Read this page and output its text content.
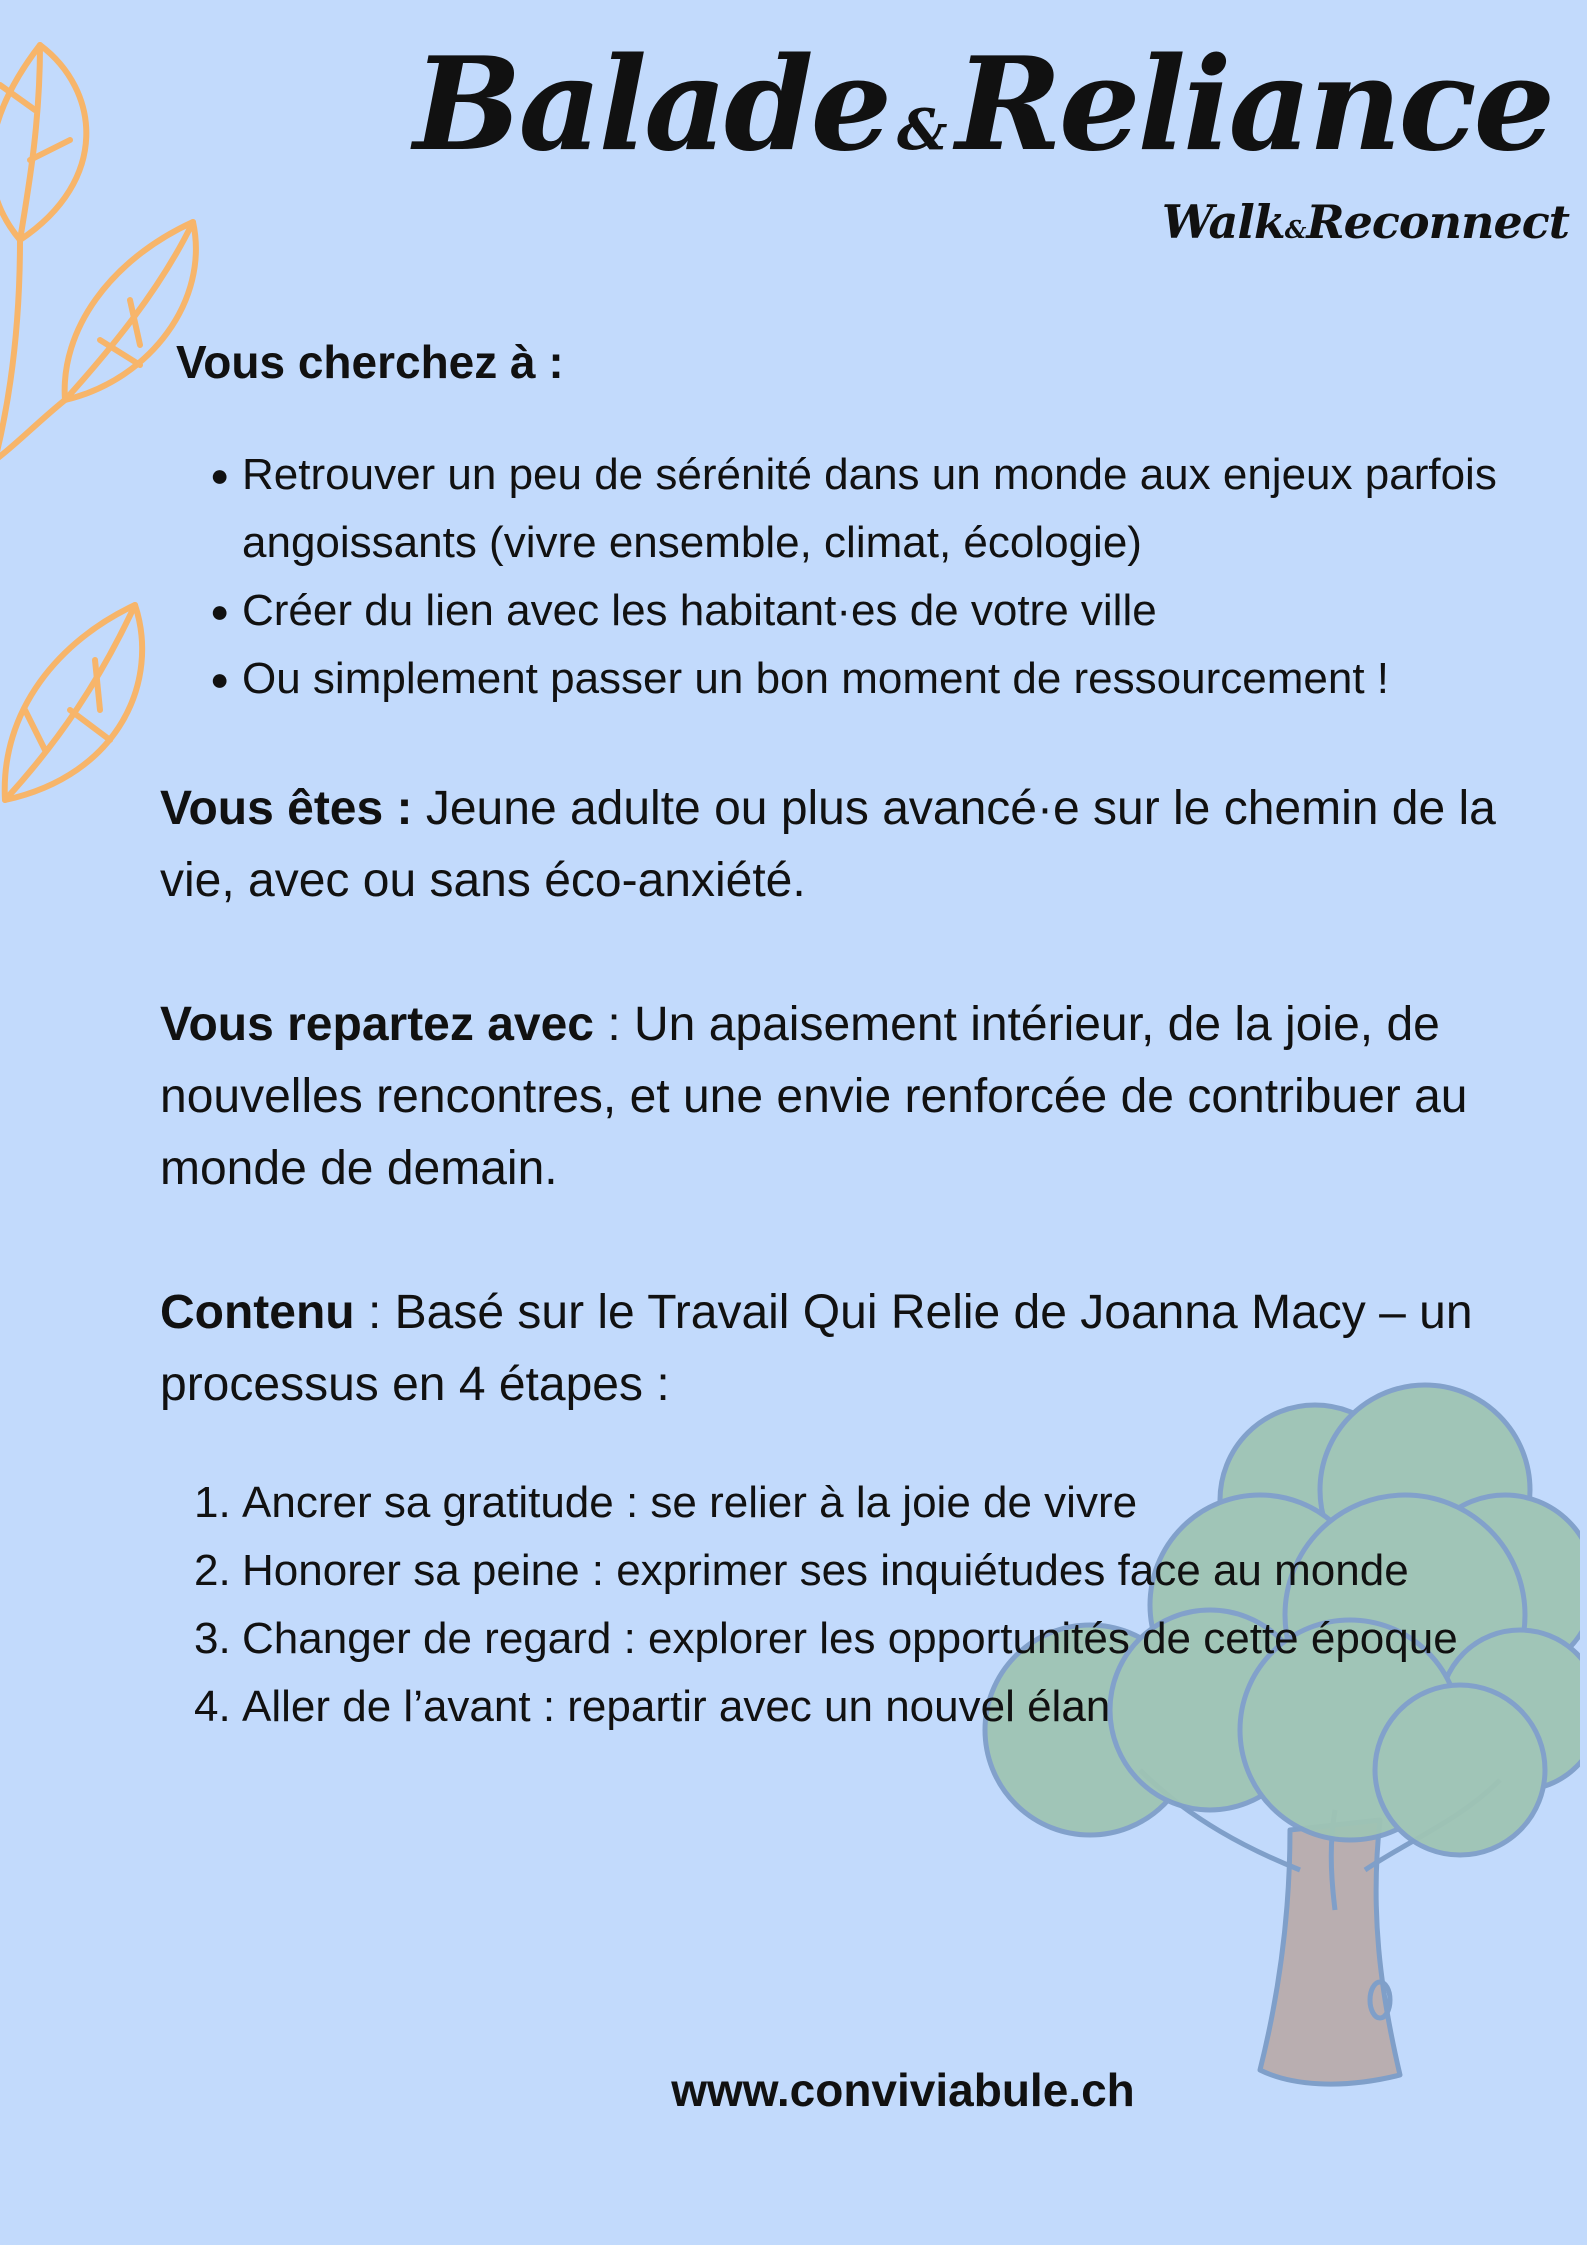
Balade &Reliance
Walk&Reconnect
Vous cherchez à :
● Retrouver un peu de sérénité dans un monde aux enjeux parfois angoissants (vivre ensemble, climat, écologie)
● Créer du lien avec les habitant·es de votre ville
● Ou simplement passer un bon moment de ressourcement !

Vous êtes : Jeune adulte ou plus avancé·e sur le chemin de la vie, avec ou sans éco-anxiété.

Vous repartez avec : Un apaisement intérieur, de la joie, de nouvelles rencontres, et une envie renforcée de contribuer au monde de demain.

Contenu : Basé sur le Travail Qui Relie de Joanna Macy – un processus en 4 étapes :

1. Ancrer sa gratitude : se relier à la joie de vivre
2. Honorer sa peine : exprimer ses inquiétudes face au monde
3. Changer de regard : explorer les opportunités de cette époque
4. Aller de l’avant : repartir avec un nouvel élan
www.conviviabule.ch
